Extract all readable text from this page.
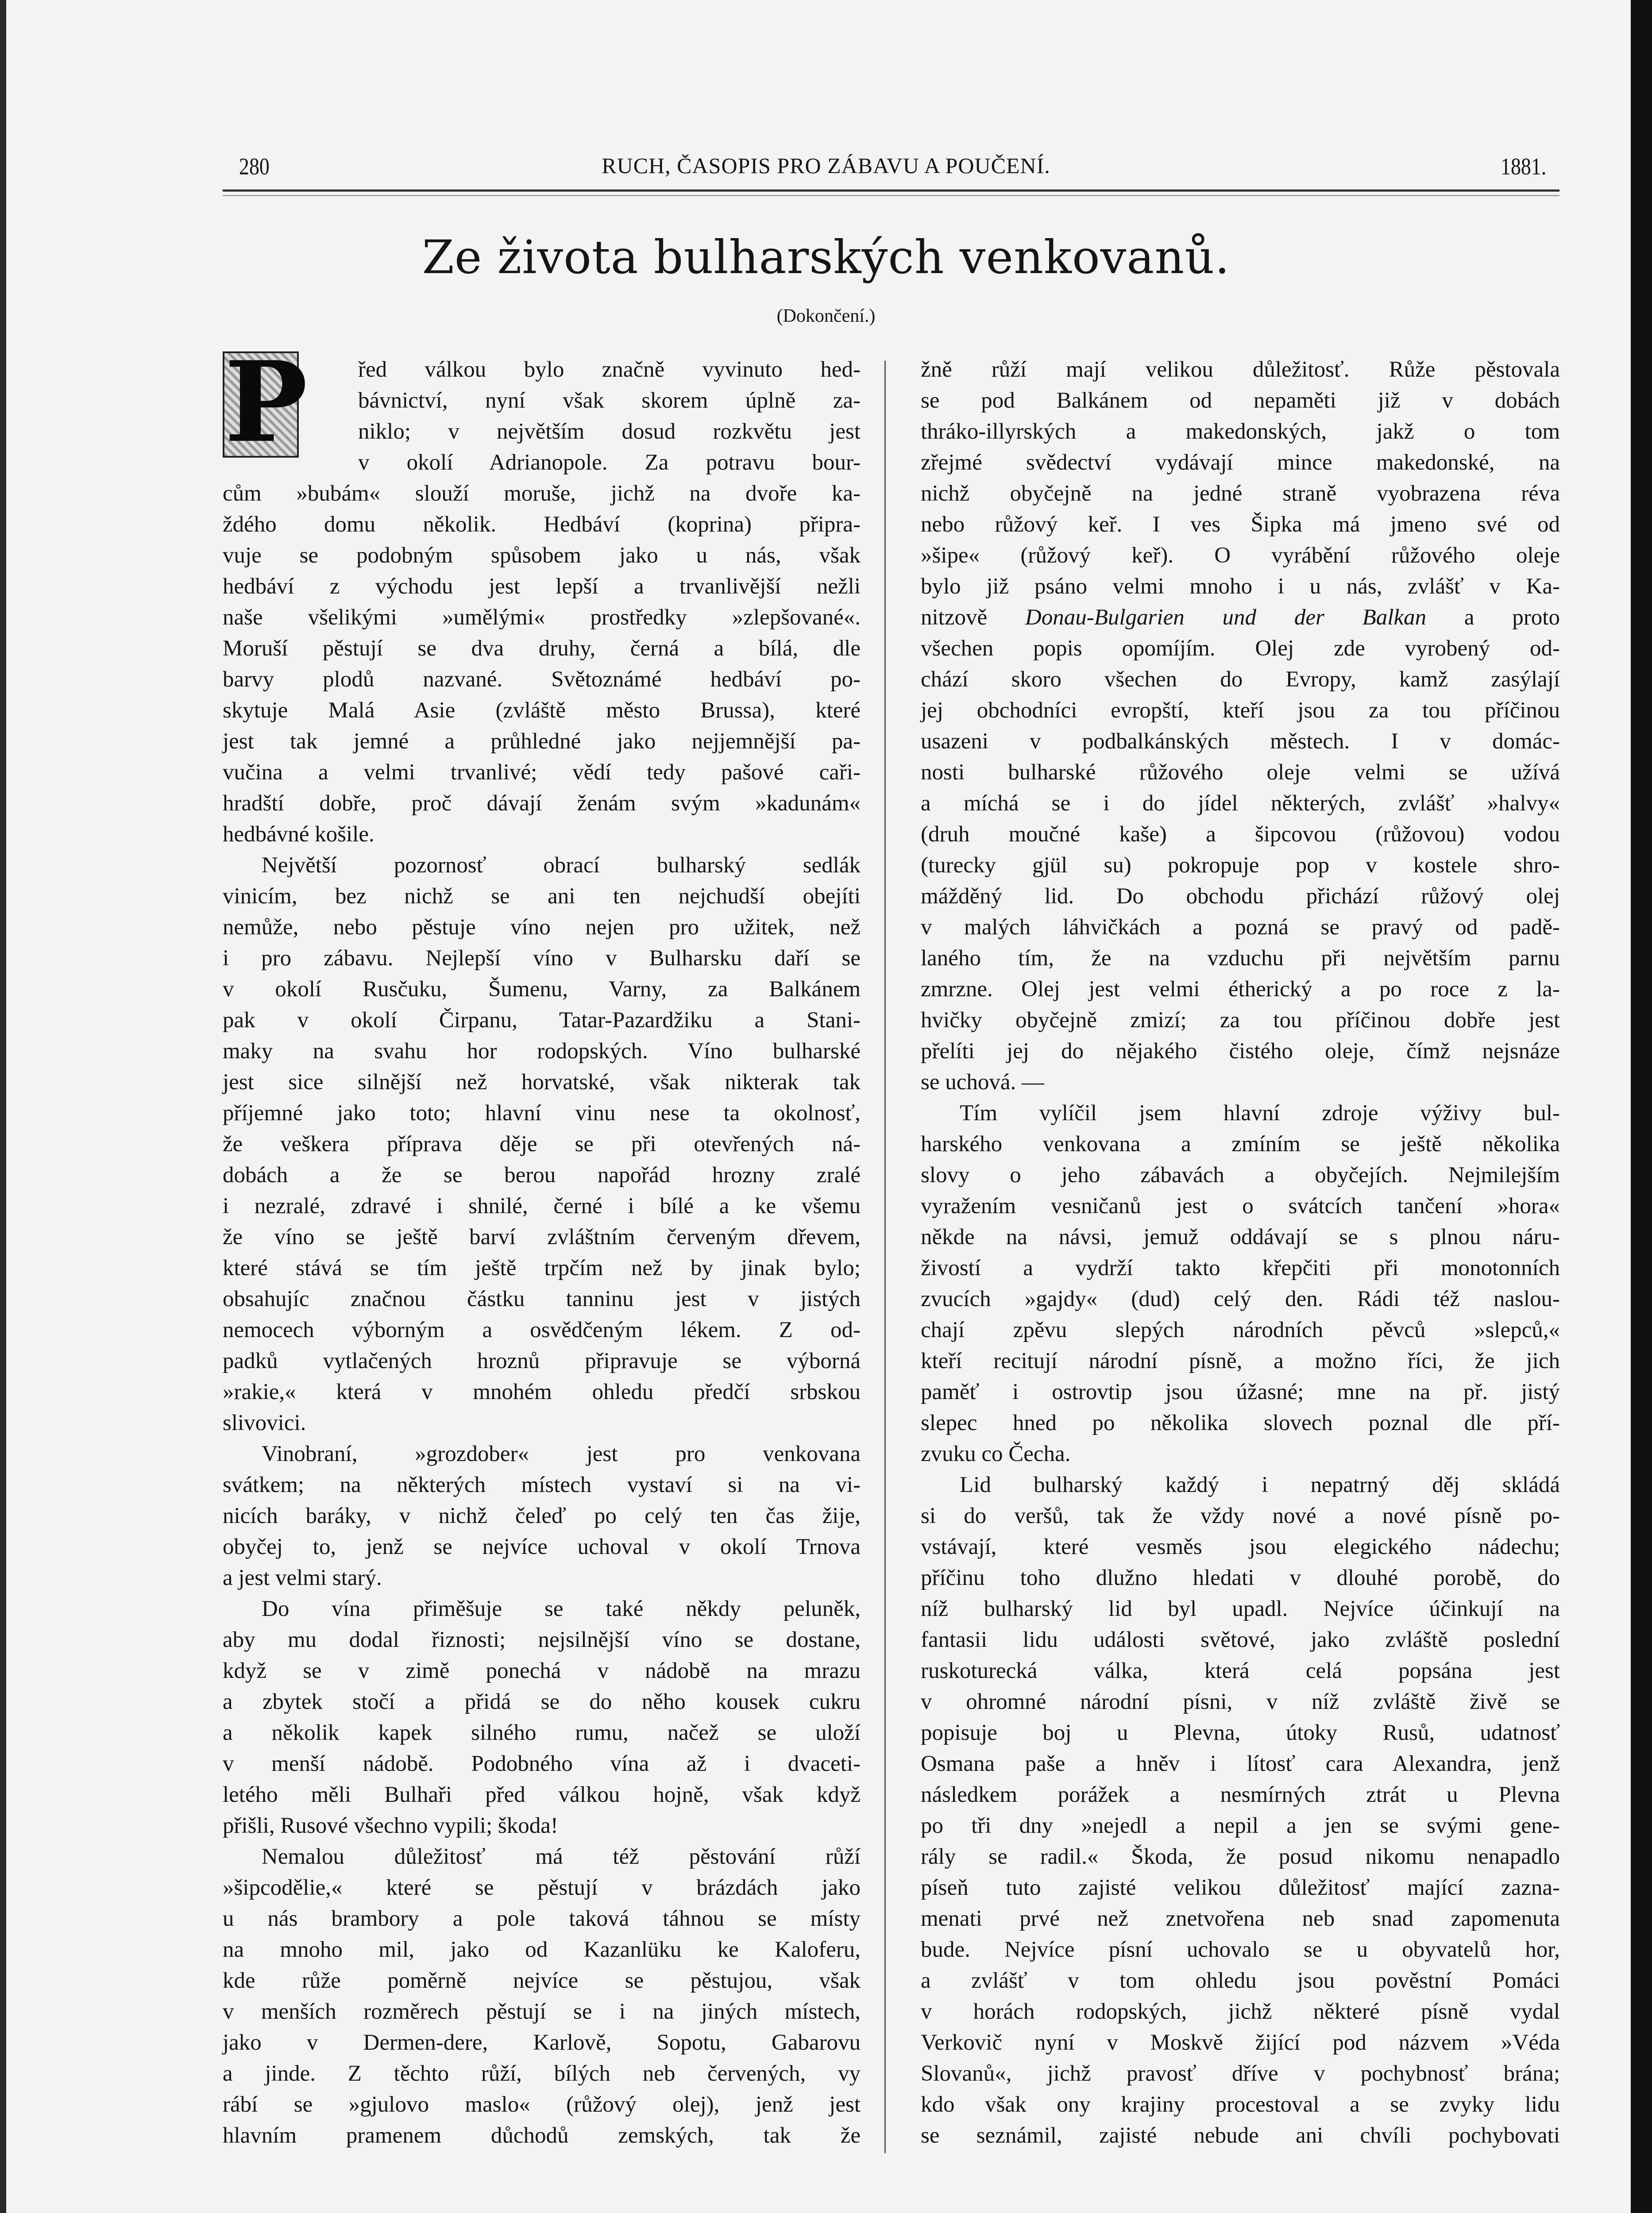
280	RUCH, ČASOPIS PRO ZÁBAVU A POUČENÍ.	1881.
Ze života bulharských venkovanů.
(Dokončení.)
P řed válkou bylo značně vyvinuto hed-
bávnictví, nyní však skorem úplně za-
niklo; v největším dosud rozkvětu jest
v okolí Adrianopole. Za potravu bour-
cům »bubám« slouží moruše, jichž na dvoře ka-
ždého domu několik. Hedbáví (koprina) připra-
vuje se podobným spůsobem jako u nás, však
hedbáví z východu jest lepší a trvanlivější nežli
naše všelikými »umělými« prostředky »zlepšované«.
Moruší pěstují se dva druhy, černá a bílá, dle
barvy plodů nazvané. Světoznámé hedbáví po-
skytuje Malá Asie (zvláště město Brussa), které
jest tak jemné a průhledné jako nejjemnější pa-
vučina a velmi trvanlivé; vědí tedy pašové caři-
hradští dobře, proč dávají ženám svým »kadunám«
hedbávné košile.
Největší pozornosť obrací bulharský sedlák
vinicím, bez nichž se ani ten nejchudší obejíti
nemůže, nebo pěstuje víno nejen pro užitek, než
i pro zábavu. Nejlepší víno v Bulharsku daří se
v okolí Rusčuku, Šumenu, Varny, za Balkánem
pak v okolí Čirpanu, Tatar-Pazardžiku a Stani-
maky na svahu hor rodopských. Víno bulharské
jest sice silnější než horvatské, však nikterak tak
příjemné jako toto; hlavní vinu nese ta okolnosť,
že veškera příprava děje se při otevřených ná-
dobách a že se berou napořád hrozny zralé
i nezralé, zdravé i shnilé, černé i bílé a ke všemu
že víno se ještě barví zvláštním červeným dřevem,
které stává se tím ještě trpčím než by jinak bylo;
obsahujíc značnou částku tanninu jest v jistých
nemocech výborným a osvědčeným lékem. Z od-
padků vytlačených hroznů připravuje se výborná
»rakie,« která v mnohém ohledu předčí srbskou
slivovici.
Vinobraní, »grozdober« jest pro venkovana
svátkem; na některých místech vystaví si na vi-
nicích baráky, v nichž čeleď po celý ten čas žije,
obyčej to, jenž se nejvíce uchoval v okolí Trnova
a jest velmi starý.
Do vína přiměšuje se také někdy peluněk,
aby mu dodal řiznosti; nejsilnější víno se dostane,
když se v zimě ponechá v nádobě na mrazu
a zbytek stočí a přidá se do něho kousek cukru
a několik kapek silného rumu, načež se uloží
v menší nádobě. Podobného vína až i dvaceti-
letého měli Bulhaři před válkou hojně, však když
přišli, Rusové všechno vypili; škoda!
Nemalou důležitosť má též pěstování růží
»šipcodělie,« které se pěstují v brázdách jako
u nás brambory a pole taková táhnou se místy
na mnoho mil, jako od Kazanlüku ke Kaloferu,
kde růže poměrně nejvíce se pěstujou, však
v menších rozměrech pěstují se i na jiných místech,
jako v Dermen-dere, Karlově, Sopotu, Gabarovu
a jinde. Z těchto růží, bílých neb červených, vy
rábí se »gjulovo maslo« (růžový olej), jenž jest
hlavním pramenem důchodů zemských, tak že
žně růží mají velikou důležitosť. Růže pěstovala
se pod Balkánem od nepaměti již v dobách
thráko-illyrských a makedonských, jakž o tom
zřejmé svědectví vydávají mince makedonské, na
nichž obyčejně na jedné straně vyobrazena réva
nebo růžový keř. I ves Šipka má jmeno své od
»šipe« (růžový keř). O vyrábění růžového oleje
bylo již psáno velmi mnoho i u nás, zvlášť v Ka-
nitzově Donau-Bulgarien und der Balkan a proto
všechen popis opomíjím. Olej zde vyrobený od-
chází skoro všechen do Evropy, kamž zasýlají
jej obchodníci evropští, kteří jsou za tou příčinou
usazeni v podbalkánských městech. I v domác-
nosti bulharské růžového oleje velmi se užívá
a míchá se i do jídel některých, zvlášť »halvy«
(druh moučné kaše) a šipcovou (růžovou) vodou
(turecky gjül su) pokropuje pop v kostele shro-
mážděný lid. Do obchodu přichází růžový olej
v malých láhvičkách a pozná se pravý od padě-
laného tím, že na vzduchu při největším parnu
zmrzne. Olej jest velmi étherický a po roce z la-
hvičky obyčejně zmizí; za tou příčinou dobře jest
přelíti jej do nějakého čistého oleje, čímž nejsnáze
se uchová. —
Tím vylíčil jsem hlavní zdroje výživy bul-
harského venkovana a zmíním se ještě několika
slovy o jeho zábavách a obyčejích. Nejmilejším
vyražením vesničanů jest o svátcích tančení »hora«
někde na návsi, jemuž oddávají se s plnou náru-
živostí a vydrží takto křepčiti při monotonních
zvucích »gajdy« (dud) celý den. Rádi též naslou-
chají zpěvu slepých národních pěvců »slepců,«
kteří recitují národní písně, a možno říci, že jich
paměť i ostrovtip jsou úžasné; mne na př. jistý
slepec hned po několika slovech poznal dle pří-
zvuku co Čecha.
Lid bulharský každý i nepatrný děj skládá
si do veršů, tak že vždy nové a nové písně po-
vstávají, které vesměs jsou elegického nádechu;
příčinu toho dlužno hledati v dlouhé porobě, do
níž bulharský lid byl upadl. Nejvíce účinkují na
fantasii lidu události světové, jako zvláště poslední
ruskoturecká válka, která celá popsána jest
v ohromné národní písni, v níž zvláště živě se
popisuje boj u Plevna, útoky Rusů, udatnosť
Osmana paše a hněv i lítosť cara Alexandra, jenž
následkem porážek a nesmírných ztrát u Plevna
po tři dny »nejedl a nepil a jen se svými gene-
rály se radil.« Škoda, že posud nikomu nenapadlo
píseň tuto zajisté velikou důležitosť mající zazna-
menati prvé než znetvořena neb snad zapomenuta
bude. Nejvíce písní uchovalo se u obyvatelů hor,
a zvlášť v tom ohledu jsou pověstní Pomáci
v horách rodopských, jichž některé písně vydal
Verkovič nyní v Moskvě žijící pod názvem »Véda
Slovanů«, jichž pravosť dříve v pochybnosť brána;
kdo však ony krajiny procestoval a se zvyky lidu
se seznámil, zajisté nebude ani chvíli pochybovati
